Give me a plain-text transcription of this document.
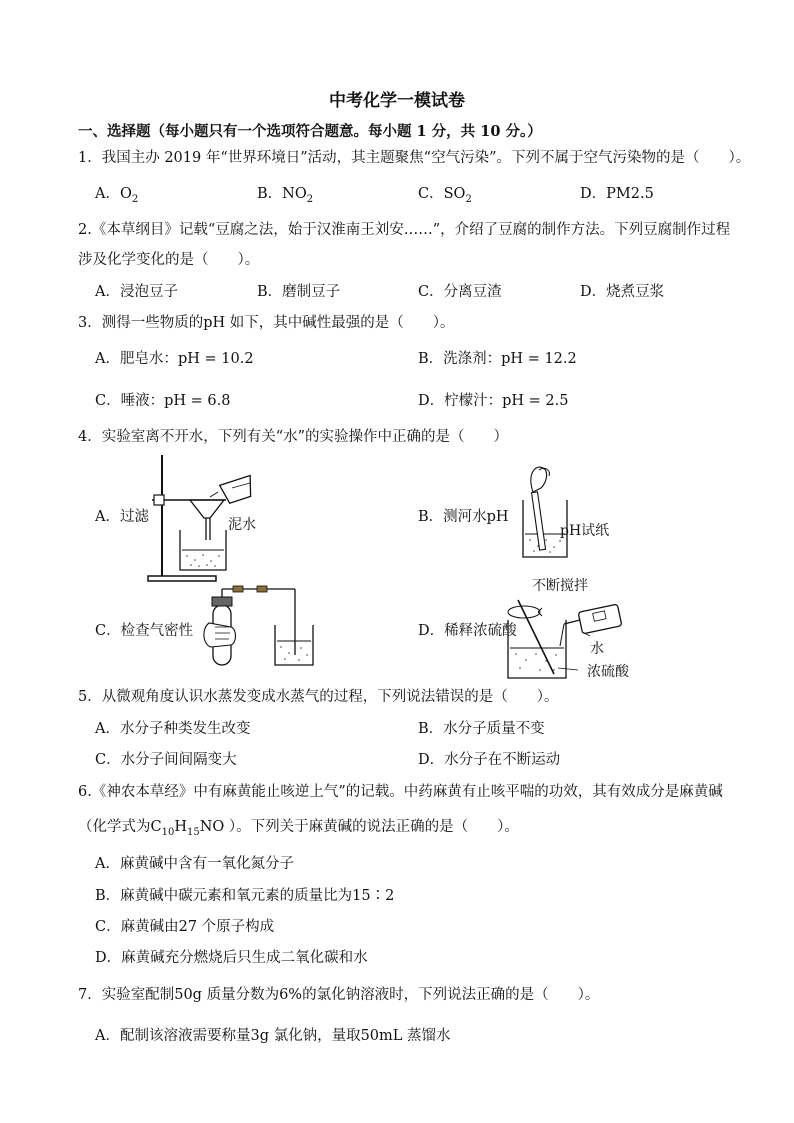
中考化学一模试卷
一、选择题（每小题只有一个选项符合题意。每小题 1 分，共 10 分。）
1．我国主办 2019 年“世界环境日”活动，其主题聚焦“空气污染”。下列不属于空气污染物的是（　　）。
A．$O_2$	B．$NO_2$	C．$SO_2$	D．PM2.5
2.《本草纲目》记载“豆腐之法，始于汉淮南王刘安……”，介绍了豆腐的制作方法。下列豆腐制作过程
涉及化学变化的是（　　）。
A．浸泡豆子	B．磨制豆子	C．分离豆渣	D．烧煮豆浆
3．测得一些物质的pH 如下，其中碱性最强的是（　　）。
A．肥皂水：pH = 10.2	B．洗涤剂：pH = 12.2
C．唾液：pH = 6.8	D．柠檬汁：pH = 2.5
4．实验室离不开水，下列有关“水”的实验操作中正确的是（　　）
A．过滤	B．测河水pH
C．检查气密性	D．稀释浓硫酸
泥水	pH试纸
不断搅拌
水
浓硫酸
5．从微观角度认识水蒸发变成水蒸气的过程，下列说法错误的是（　　）。
A．水分子种类发生改变	B．水分子质量不变
C．水分子间间隔变大	D．水分子在不断运动
6.《神农本草经》中有麻黄能止咳逆上气”的记载。中药麻黄有止咳平喘的功效，其有效成分是麻黄碱
（化学式为$C_{10}H_{15}NO$ ）。下列关于麻黄碱的说法正确的是（　　）。
A．麻黄碱中含有一氧化氮分子
B．麻黄碱中碳元素和氧元素的质量比为15∶2
C．麻黄碱由27 个原子构成
D．麻黄碱充分燃烧后只生成二氧化碳和水
7．实验室配制50g 质量分数为6%的氯化钠溶液时，下列说法正确的是（　　）。
A．配制该溶液需要称量3g 氯化钠，量取50mL 蒸馏水
